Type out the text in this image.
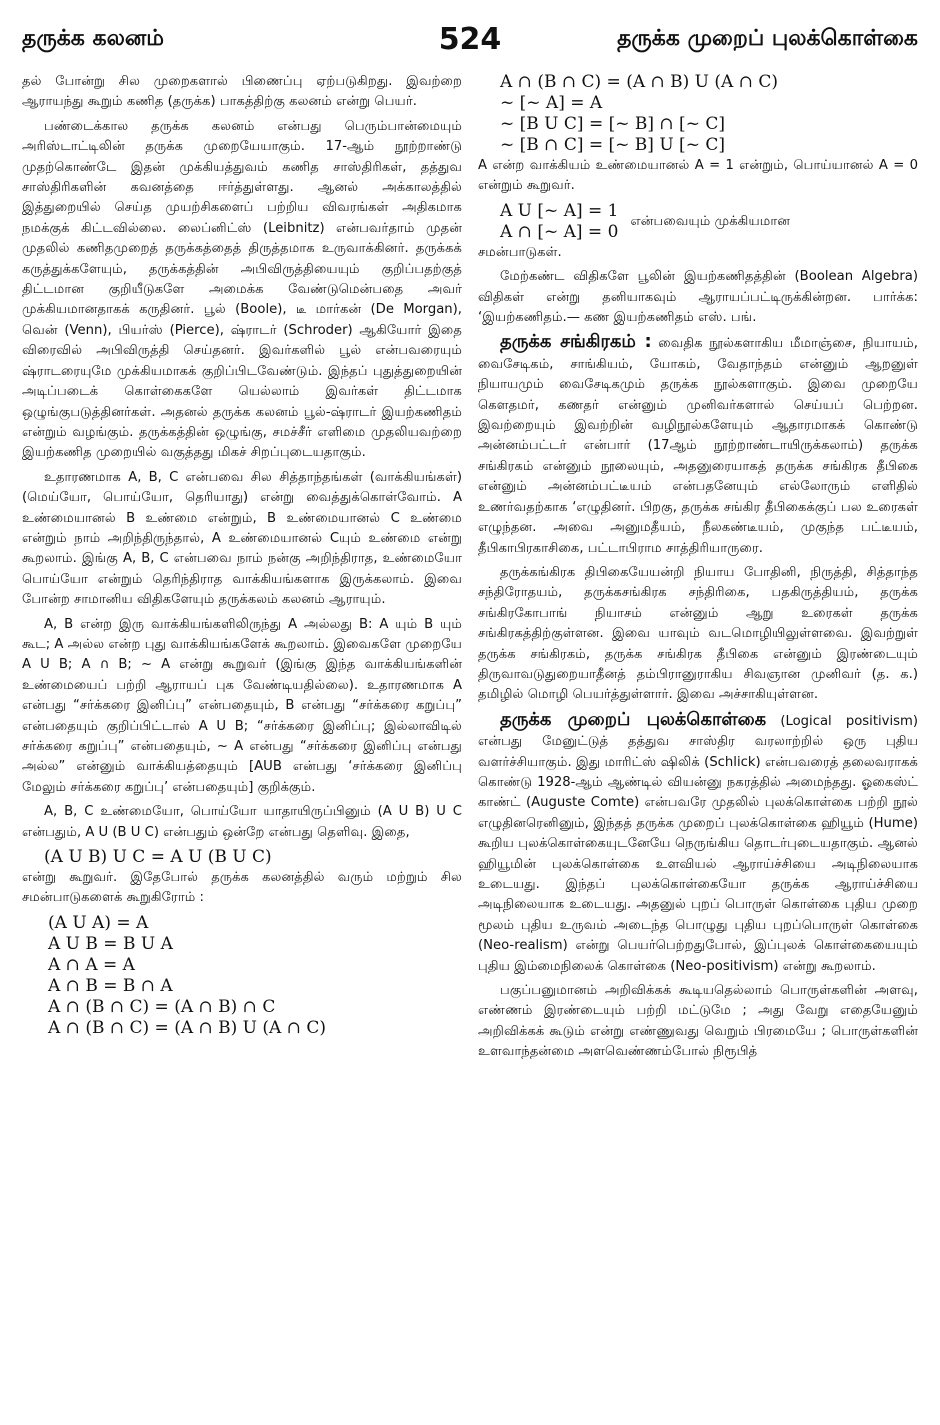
தருக்க கலனம்	524	தருக்க முறைப் புலக்கொள்கை

தல் போன்று சில முறைகளால் பிணைப்பு ஏற்படுகிறது. இவற்றை ஆராயந்து கூறும் கணித (தருக்க) பாகத்திற்கு கலனம் என்று பெயர்.

பண்டைக்கால தருக்க கலனம் என்பது பெரும்பான்மையும் அரிஸ்டாட்டிலின் தருக்க முறையேயாகும். 17-ஆம் நூற்றாண்டு முதற்கொண்டே இதன் முக்கியத்துவம் கணித சாஸ்திரிகள், தத்துவ சாஸ்திரிகளின் கவனத்தை ஈர்த்துள்ளது. ஆனல் அக்காலத்தில் இத்துறையில் செய்த முயற்சிகளைப் பற்றிய விவரங்கள் அதிகமாக நமக்குக் கிட்டவில்லை. லைப்னிட்ஸ் (Leibnitz) என்பவர்தாம் முதன் முதலில் கணிதமுறைத் தருக்கத்தைத் திருத்தமாக உருவாக்கினர். தருக்கக் கருத்துக்களேயும், தருக்கத்தின் அபிவிருத்தியையும் குறிப்பதற்குத் திட்டமான குறியீடுகளே அமைக்க வேண்டுமென்பதை அவர் முக்கியமானதாகக் கருதினர். பூல் (Boole), டீ மார்கன் (De Morgan), வென் (Venn), பியர்ஸ் (Pierce), ஷ்ராடர் (Schroder) ஆகியோர் இதை விரைவில் அபிவிருத்தி செய்தனர். இவர்களில் பூல் என்பவரையும் ஷ்ராடரையுமே முக்கியமாகக் குறிப்பிடவேண்டும். இந்தப் புதுத்துறையின் அடிப்படைக் கொள்கைகளே யெல்லாம் இவர்கள் திட்டமாக ஒழுங்குபடுத்தினர்கள். அதனல் தருக்க கலனம் பூல்-ஷ்ராடர் இயற்கணிதம் என்றும் வழங்கும். தருக்கத்தின் ஒழுங்கு, சமச்சீர் எளிமை முதலியவற்றை இயற்கணித முறையில் வகுத்தது மிகச் சிறப்புடையதாகும்.

உதாரணமாக A, B, C என்பவை சில சித்தாந்தங்கள் (வாக்கியங்கள்) (மெய்யோ, பொய்யோ, தெரியாது) என்று வைத்துக்கொள்வோம். A உண்மையானல் B உண்மை என்றும், B உண்மையானல் C உண்மை என்றும் நாம் அறிந்திருந்தால், A உண்மையானல் Cயும் உண்மை என்று கூறலாம். இங்கு A, B, C என்பவை நாம் நன்கு அறிந்திராத, உண்மையோ பொய்யோ என்றும் தெரிந்திராத வாக்கியங்களாக இருக்கலாம். இவை போன்ற சாமானிய விதிகளேயும் தருக்கலம் கலனம் ஆராயும்.

A, B என்ற இரு வாக்கியங்களிலிருந்து A அல்லது B: A யும் B யும் கூட; A அல்ல என்ற புது வாக்கியங்களேக் கூறலாம். இவைகளே முறையே A U B; A ∩ B; ~ A என்று கூறுவர் (இங்கு இந்த வாக்கியங்களின் உண்மையைப் பற்றி ஆராயப் புக வேண்டியதில்லை). உதாரணமாக A என்பது “சர்க்கரை இனிப்பு” என்பதையும், B என்பது “சர்க்கரை கறுப்பு” என்பதையும் குறிப்பிட்டால் A U B; “சர்க்கரை இனிப்பு; இல்லாவிடில் சர்க்கரை கறுப்பு” என்பதையும், ~ A என்பது “சர்க்கரை இனிப்பு என்பது அல்ல” என்னும் வாக்கியத்தையும் [AUB என்பது ‘சர்க்கரை இனிப்பு மேலும் சர்க்கரை கறுப்பு’ என்பதையும்] குறிக்கும்.

A, B, C உண்மையோ, பொய்யோ யாதாயிருப்பினும் (A U B) U C என்பதும், A U (B U C) என்பதும் ஒன்றே என்பது தெளிவு. இதை,

(A U B) U C = A U (B U C)

என்று கூறுவர். இதேபோல் தருக்க கலனத்தில் வரும் மற்றும் சில சமன்பாடுகளைக் கூறுகிரோம் :

(A U A) = A
A U B = B U A
A ∩ A = A
A ∩ B = B ∩ A
A ∩ (B ∩ C) = (A ∩ B) ∩ C
A ∩ (B ∩ C) = (A ∩ B) U (A ∩ C)
A ∩ (B ∩ C) = (A ∩ B) U (A ∩ C)
~ [~ A] = A
~ [B U C] = [~ B] ∩ [~ C]
~ [B ∩ C] = [~ B] U [~ C]

A என்ற வாக்கியம் உண்மையானல் A = 1 என்றும், பொய்யானல் A = 0 என்றும் கூறுவர்.

A U [~ A] = 1
A ∩ [~ A] = 0
என்பவையும் முக்கியமான

சமன்பாடுகள்.

மேற்கண்ட விதிகளே பூலின் இயற்கணிதத்தின் (Boolean Algebra) விதிகள் என்று தனியாகவும் ஆராயப்பட்டிருக்கின்றன. பார்க்க: ‘இயற்கணிதம்.— கண இயற்கணிதம் எஸ். பங்.

தருக்க சங்கிரகம் : வைதிக நூல்களாகிய மீமாஞ்சை, நியாயம், வைசேடிகம், சாங்கியம், யோகம், வேதாந்தம் என்னும் ஆறனுள் நியாயமும் வைசேடிகமும் தருக்க நூல்களாகும். இவை முறையே கௌதமர், கணதர் என்னும் முனிவர்களால் செய்யப் பெற்றன. இவற்றையும் இவற்றின் வழிநூல்களேயும் ஆதாரமாகக் கொண்டு அன்னம்பட்டர் என்பார் (17ஆம் நூற்றாண்டாயிருக்கலாம்) தருக்க சங்கிரகம் என்னும் நூலையும், அதனுரையாகத் தருக்க சங்கிரக தீபிகை என்னும் அன்னம்பட்டீயம் என்பதனேயும் எல்லோரும் எளிதில் உணர்வதற்காக ‘எழுதினர். பிறகு, தருக்க சங்கிர தீபிகைக்குப் பல உரைகள் எழுந்தன. அவை அனுமதீயம், நீலகண்டீயம், முகுந்த பட்டீயம், தீபிகாபிரகாசிகை, பட்டாபிராம சாத்திரியாருரை.

தருக்கங்கிரக திபிகையேயன்றி நியாய போதினி, நிருத்தி, சித்தாந்த சந்திரோதயம், தருக்கசங்கிரக சந்திரிகை, பதகிருத்தியம், தருக்க சங்கிரகோபாங் நியாசம் என்னும் ஆறு உரைகள் தருக்க சங்கிரகத்திற்குள்ளன. இவை யாவும் வடமொழியிலுள்ளவை. இவற்றுள் தருக்க சங்கிரகம், தருக்க சங்கிரக தீபிகை என்னும் இரண்டையும் திருவாவடுதுறையாதீனத் தம்பிரானுராகிய சிவஞான முனிவர் (த. க.) தமிழில் மொழி பெயர்த்துள்ளார். இவை அச்சாகியுள்ளன.

தருக்க முறைப் புலக்கொள்கை (Logical positivism) என்பது மேனுட்டுத் தத்துவ சாஸ்திர வரலாற்றில் ஒரு புதிய வளர்ச்சியாகும். இது மாரிட்ஸ் ஷிலிக் (Schlick) என்பவரைத் தலைவராகக் கொண்டு 1928-ஆம் ஆண்டில் வியன்னு நகரத்தில் அமைந்தது. ஓகைஸ்ட் காண்ட் (Auguste Comte) என்பவரே முதலில் புலக்கொள்கை பற்றி நூல் எழுதினரெனினும், இந்தத் தருக்க முறைப் புலக்கொள்கை ஹியூம் (Hume) கூறிய புலக்கொள்கையுடனேயே நெருங்கிய தொடர்புடையதாகும். ஆனல் ஹியூமின் புலக்கொள்கை உளவியல் ஆராய்ச்சியை அடிநிலையாக உடையது. இந்தப் புலக்கொள்கையோ தருக்க ஆராய்ச்சியை அடிநிலையாக உடையது. அதனுல் புறப் பொருள் கொள்கை புதிய முறை மூலம் புதிய உருவம் அடைந்த பொழுது புதிய புறப்பொருள் கொள்கை (Neo-realism) என்று பெயர்பெற்றதுபோல், இப்புலக் கொள்கையையும் புதிய இம்மைநிலைக் கொள்கை (Neo-positivism) என்று கூறலாம்.

பகுப்பனுமானம் அறிவிக்கக் கூடியதெல்லாம் பொருள்களின் அளவு, எண்ணம் இரண்டையும் பற்றி மட்டுமே ; அது வேறு எதையேனும் அறிவிக்கக் கூடும் என்று எண்ணுவது வெறும் பிரமையே ; பொருள்களின் உளவாந்தன்மை அளவெண்ணம்போல் நிரூபித்
